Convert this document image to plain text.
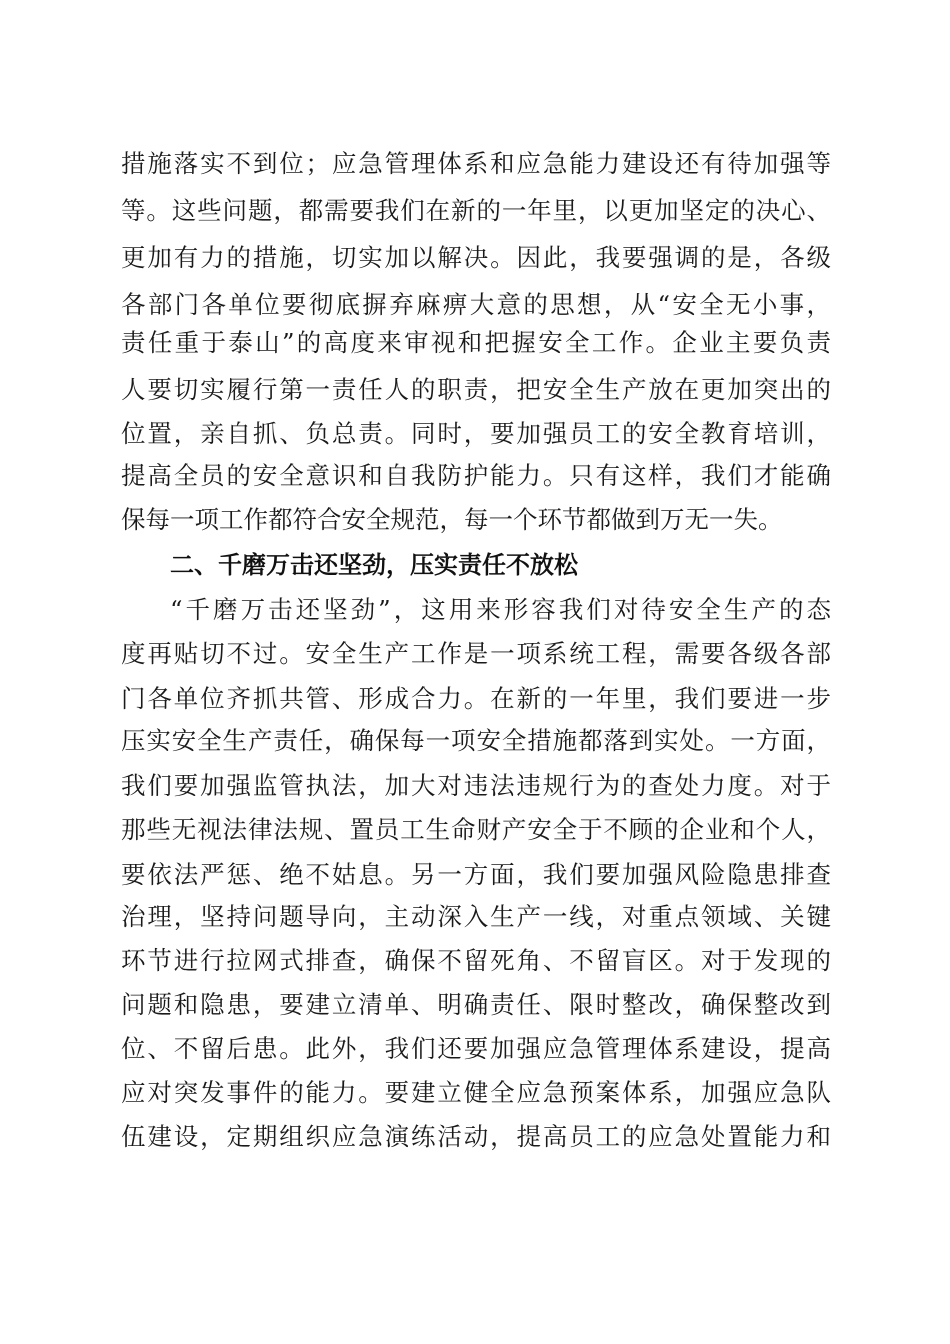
措施落实不到位；应急管理体系和应急能力建设还有待加强等
等。这些问题，都需要我们在新的一年里，以更加坚定的决心、
更加有力的措施，切实加以解决。因此，我要强调的是，各级
各部门各单位要彻底摒弃麻痹大意的思想，从“安全无小事，
责任重于泰山”的高度来审视和把握安全工作。企业主要负责
人要切实履行第一责任人的职责，把安全生产放在更加突出的
位置，亲自抓、负总责。同时，要加强员工的安全教育培训，
提高全员的安全意识和自我防护能力。只有这样，我们才能确
保每一项工作都符合安全规范，每一个环节都做到万无一失。
二、千磨万击还坚劲，压实责任不放松
“千磨万击还坚劲”，这用来形容我们对待安全生产的态
度再贴切不过。安全生产工作是一项系统工程，需要各级各部
门各单位齐抓共管、形成合力。在新的一年里，我们要进一步
压实安全生产责任，确保每一项安全措施都落到实处。一方面，
我们要加强监管执法，加大对违法违规行为的查处力度。对于
那些无视法律法规、置员工生命财产安全于不顾的企业和个人，
要依法严惩、绝不姑息。另一方面，我们要加强风险隐患排查
治理，坚持问题导向，主动深入生产一线，对重点领域、关键
环节进行拉网式排查，确保不留死角、不留盲区。对于发现的
问题和隐患，要建立清单、明确责任、限时整改，确保整改到
位、不留后患。此外，我们还要加强应急管理体系建设，提高
应对突发事件的能力。要建立健全应急预案体系，加强应急队
伍建设，定期组织应急演练活动，提高员工的应急处置能力和
